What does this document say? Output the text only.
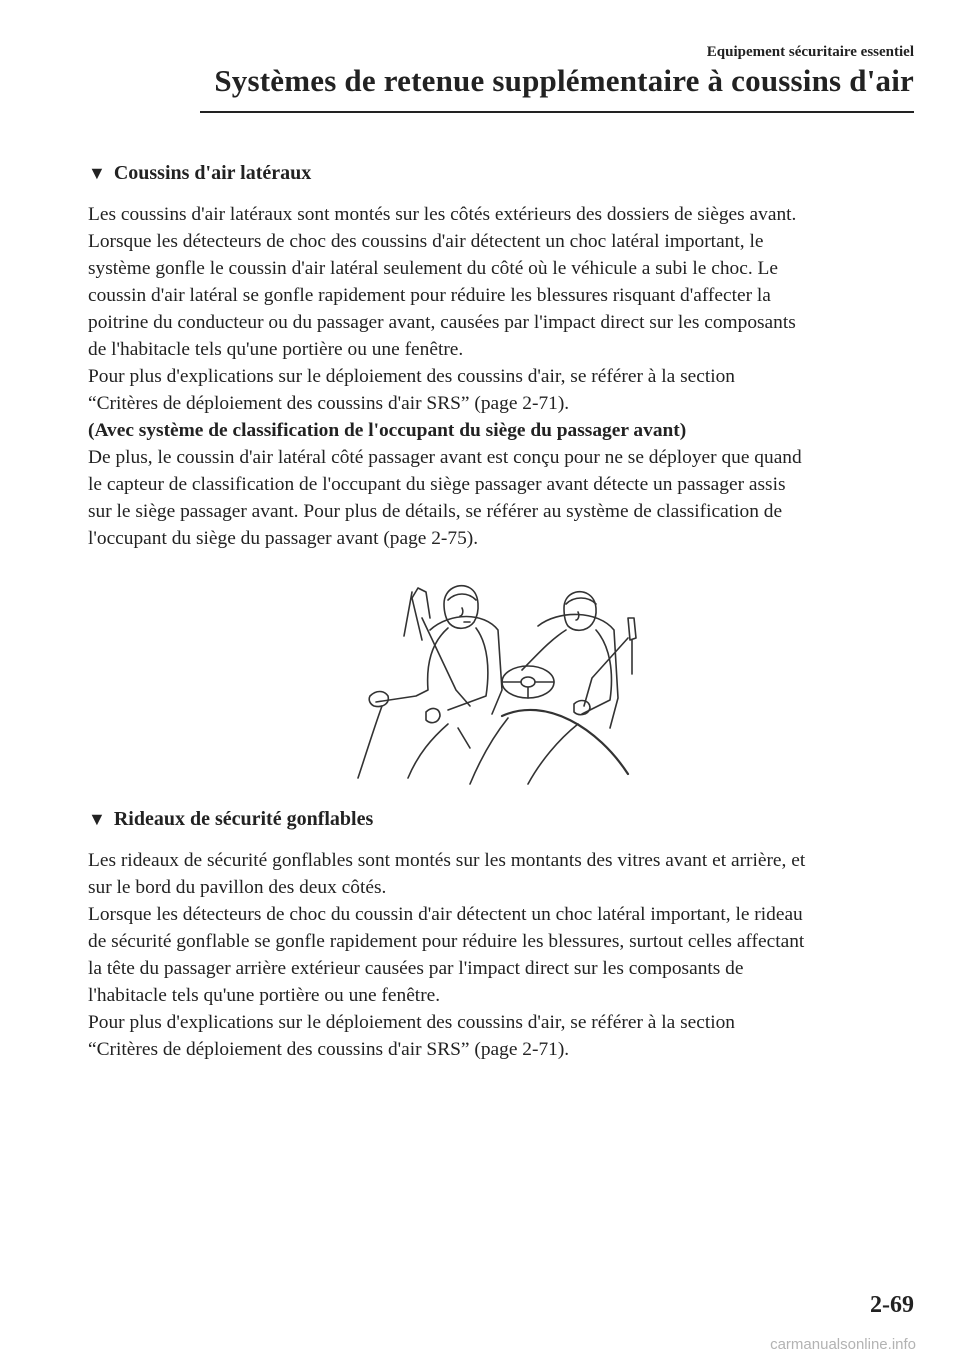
Equipement sécuritaire essentiel
Systèmes de retenue supplémentaire à coussins d'air
▼ Coussins d'air latéraux

Les coussins d'air latéraux sont montés sur les côtés extérieurs des dossiers de sièges avant.
Lorsque les détecteurs de choc des coussins d'air détectent un choc latéral important, le
système gonfle le coussin d'air latéral seulement du côté où le véhicule a subi le choc. Le
coussin d'air latéral se gonfle rapidement pour réduire les blessures risquant d'affecter la
poitrine du conducteur ou du passager avant, causées par l'impact direct sur les composants
de l'habitacle tels qu'une portière ou une fenêtre.
Pour plus d'explications sur le déploiement des coussins d'air, se référer à la section
“Critères de déploiement des coussins d'air SRS” (page 2-71).
(Avec système de classification de l'occupant du siège du passager avant)
De plus, le coussin d'air latéral côté passager avant est conçu pour ne se déployer que quand
le capteur de classification de l'occupant du siège passager avant détecte un passager assis
sur le siège passager avant. Pour plus de détails, se référer au système de classification de
l'occupant du siège du passager avant (page 2-75).

▼ Rideaux de sécurité gonflables

Les rideaux de sécurité gonflables sont montés sur les montants des vitres avant et arrière, et
sur le bord du pavillon des deux côtés.
Lorsque les détecteurs de choc du coussin d'air détectent un choc latéral important, le rideau
de sécurité gonflable se gonfle rapidement pour réduire les blessures, surtout celles affectant
la tête du passager arrière extérieur causées par l'impact direct sur les composants de
l'habitacle tels qu'une portière ou une fenêtre.
Pour plus d'explications sur le déploiement des coussins d'air, se référer à la section
“Critères de déploiement des coussins d'air SRS” (page 2-71).

2-69
carmanualsonline.info
